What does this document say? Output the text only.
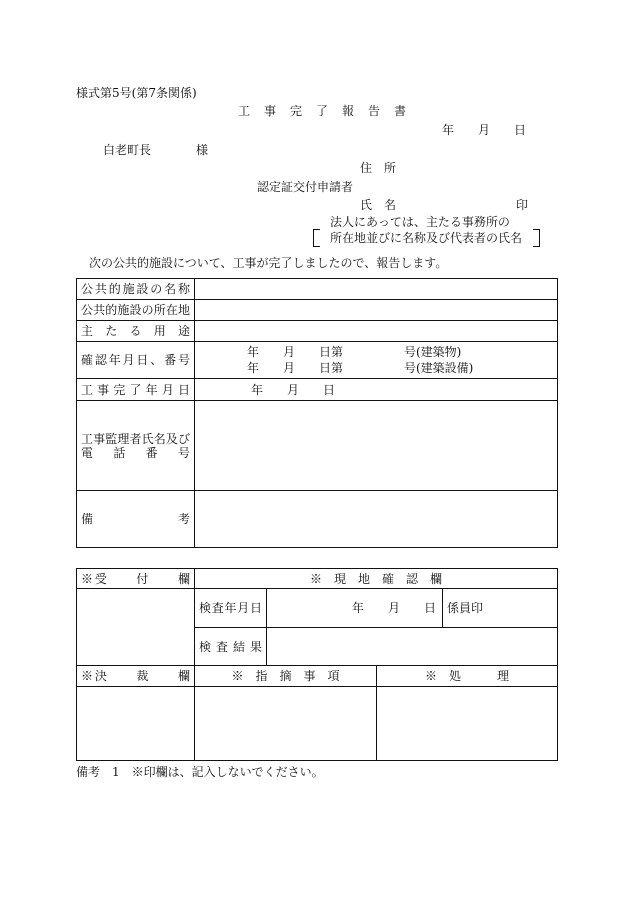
様式第5号(第7条関係)
工　事　完　了　報　告　書
年　　月　　日
白老町長	様
住　所
認定証交付申請者
氏　名	印
法人にあっては、主たる事務所の
所在地並びに名称及び代表者の氏名
次の公共的施設について、工事が完了しましたので、報告します。
公共的施設の名称	
公共的施設の所在地	
主　た　る　用　途	
確認年月日、番号	年　　月　　日第 号(建築物)
年　　月　　日第 号(建築設備)

工事完了年月日	年　　月　　日

工事監理者氏名及び
電　話　番　号	

備　　　考	
※受　　付　　欄	※　現　地　確　認　欄			
	検査年月日	年　　月　　日		係員印
	検査結果			
※決　　裁　　欄	※　指　摘　事　項		※　処　　　理	

備考　1　※印欄は、記入しないでください。
